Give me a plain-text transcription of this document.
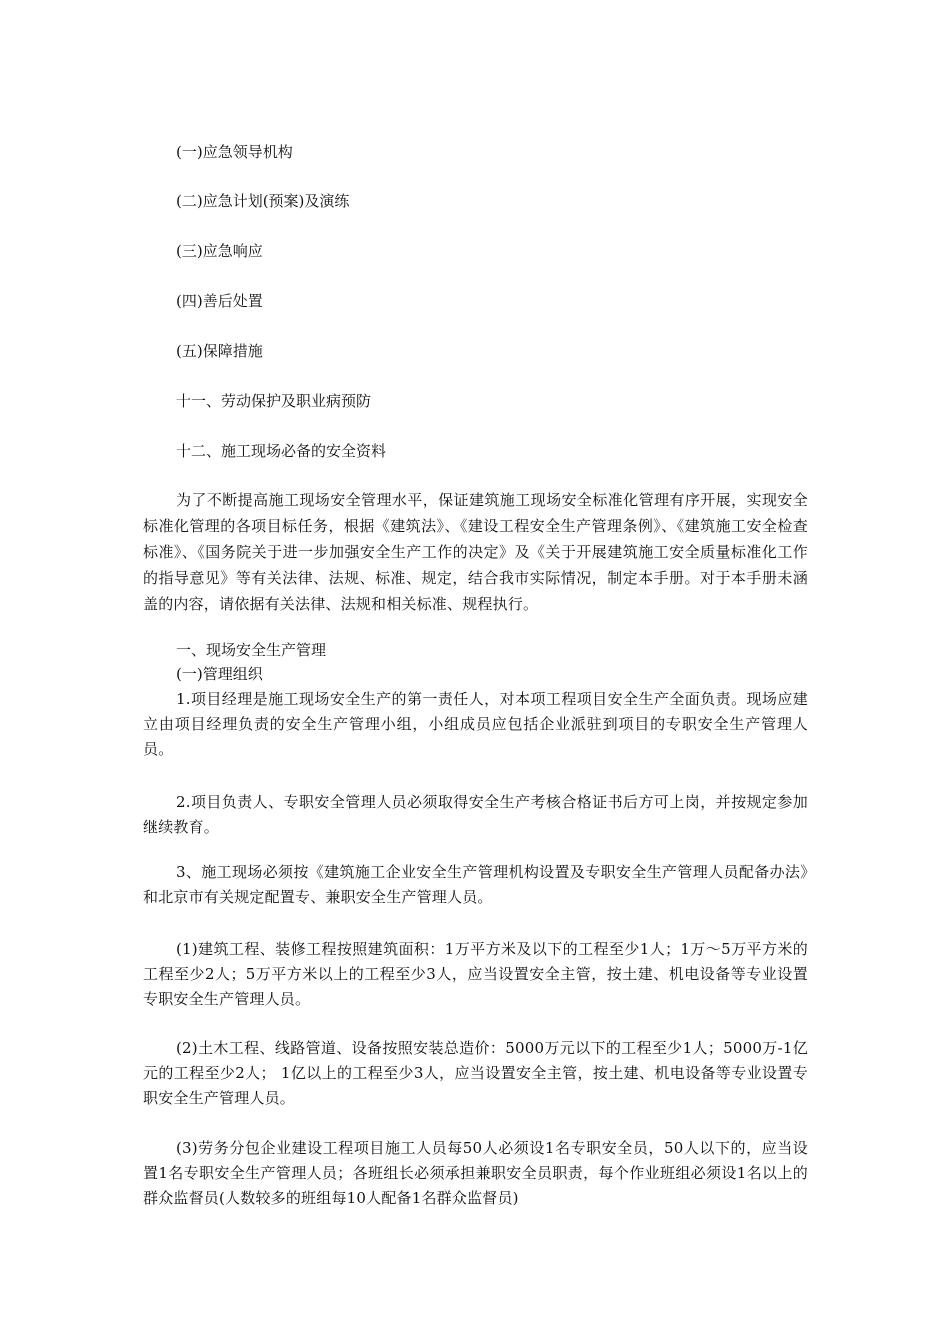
(一)应急领导机构
(二)应急计划(预案)及演练
(三)应急响应
(四)善后处置
(五)保障措施
十一、劳动保护及职业病预防
十二、施工现场必备的安全资料
为了不断提高施工现场安全管理水平，保证建筑施工现场安全标准化管理有序开展，实现安全标准化管理的各项目标任务，根据《建筑法》、《建设工程安全生产管理条例》、《建筑施工安全检查标准》、《国务院关于进一步加强安全生产工作的决定》及《关于开展建筑施工安全质量标准化工作的指导意见》等有关法律、法规、标准、规定，结合我市实际情况，制定本手册。对于本手册未涵盖的内容，请依据有关法律、法规和相关标准、规程执行。
一、现场安全生产管理
(一)管理组织
1.项目经理是施工现场安全生产的第一责任人，对本项工程项目安全生产全面负责。现场应建立由项目经理负责的安全生产管理小组，小组成员应包括企业派驻到项目的专职安全生产管理人员。
2.项目负责人、专职安全管理人员必须取得安全生产考核合格证书后方可上岗，并按规定参加继续教育。
3、施工现场必须按《建筑施工企业安全生产管理机构设置及专职安全生产管理人员配备办法》和北京市有关规定配置专、兼职安全生产管理人员。
(1)建筑工程、装修工程按照建筑面积：1万平方米及以下的工程至少1人；1万～5万平方米的工程至少2人；5万平方米以上的工程至少3人，应当设置安全主管，按土建、机电设备等专业设置专职安全生产管理人员。
(2)土木工程、线路管道、设备按照安装总造价：5000万元以下的工程至少1人；5000万-1亿元的工程至少2人； 1亿以上的工程至少3人，应当设置安全主管，按土建、机电设备等专业设置专职安全生产管理人员。
(3)劳务分包企业建设工程项目施工人员每50人必须设1名专职安全员，50人以下的，应当设置1名专职安全生产管理人员；各班组长必须承担兼职安全员职责，每个作业班组必须设1名以上的群众监督员(人数较多的班组每10人配备1名群众监督员)
